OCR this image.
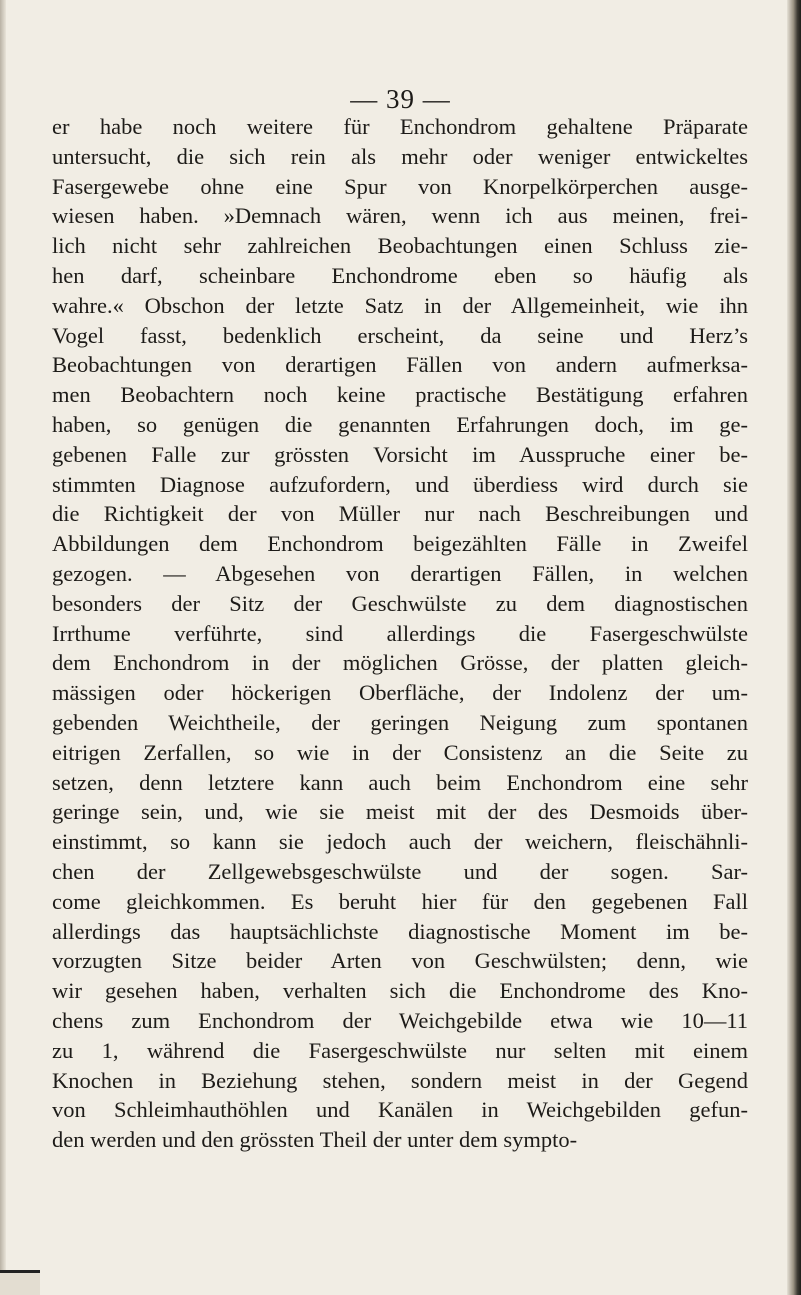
— 39 —
er habe noch weitere für Enchondrom gehaltene Präparate
untersucht, die sich rein als mehr oder weniger entwickeltes
Fasergewebe ohne eine Spur von Knorpelkörperchen ausge-
wiesen haben. »Demnach wären, wenn ich aus meinen, frei-
lich nicht sehr zahlreichen Beobachtungen einen Schluss zie-
hen darf, scheinbare Enchondrome eben so häufig als
wahre.« Obschon der letzte Satz in der Allgemeinheit, wie ihn
Vogel fasst, bedenklich erscheint, da seine und Herz’s
Beobachtungen von derartigen Fällen von andern aufmerksa-
men Beobachtern noch keine practische Bestätigung erfahren
haben, so genügen die genannten Erfahrungen doch, im ge-
gebenen Falle zur grössten Vorsicht im Ausspruche einer be-
stimmten Diagnose aufzufordern, und überdiess wird durch sie
die Richtigkeit der von Müller nur nach Beschreibungen und
Abbildungen dem Enchondrom beigezählten Fälle in Zweifel
gezogen. — Abgesehen von derartigen Fällen, in welchen
besonders der Sitz der Geschwülste zu dem diagnostischen
Irrthume verführte, sind allerdings die Fasergeschwülste
dem Enchondrom in der möglichen Grösse, der platten gleich-
mässigen oder höckerigen Oberfläche, der Indolenz der um-
gebenden Weichtheile, der geringen Neigung zum spontanen
eitrigen Zerfallen, so wie in der Consistenz an die Seite zu
setzen, denn letztere kann auch beim Enchondrom eine sehr
geringe sein, und, wie sie meist mit der des Desmoids über-
einstimmt, so kann sie jedoch auch der weichern, fleischähnli-
chen der Zellgewebsgeschwülste und der sogen. Sar-
come gleichkommen. Es beruht hier für den gegebenen Fall
allerdings das hauptsächlichste diagnostische Moment im be-
vorzugten Sitze beider Arten von Geschwülsten; denn, wie
wir gesehen haben, verhalten sich die Enchondrome des Kno-
chens zum Enchondrom der Weichgebilde etwa wie 10—11
zu 1, während die Fasergeschwülste nur selten mit einem
Knochen in Beziehung stehen, sondern meist in der Gegend
von Schleimhauthöhlen und Kanälen in Weichgebilden gefun-
den werden und den grössten Theil der unter dem sympto-
